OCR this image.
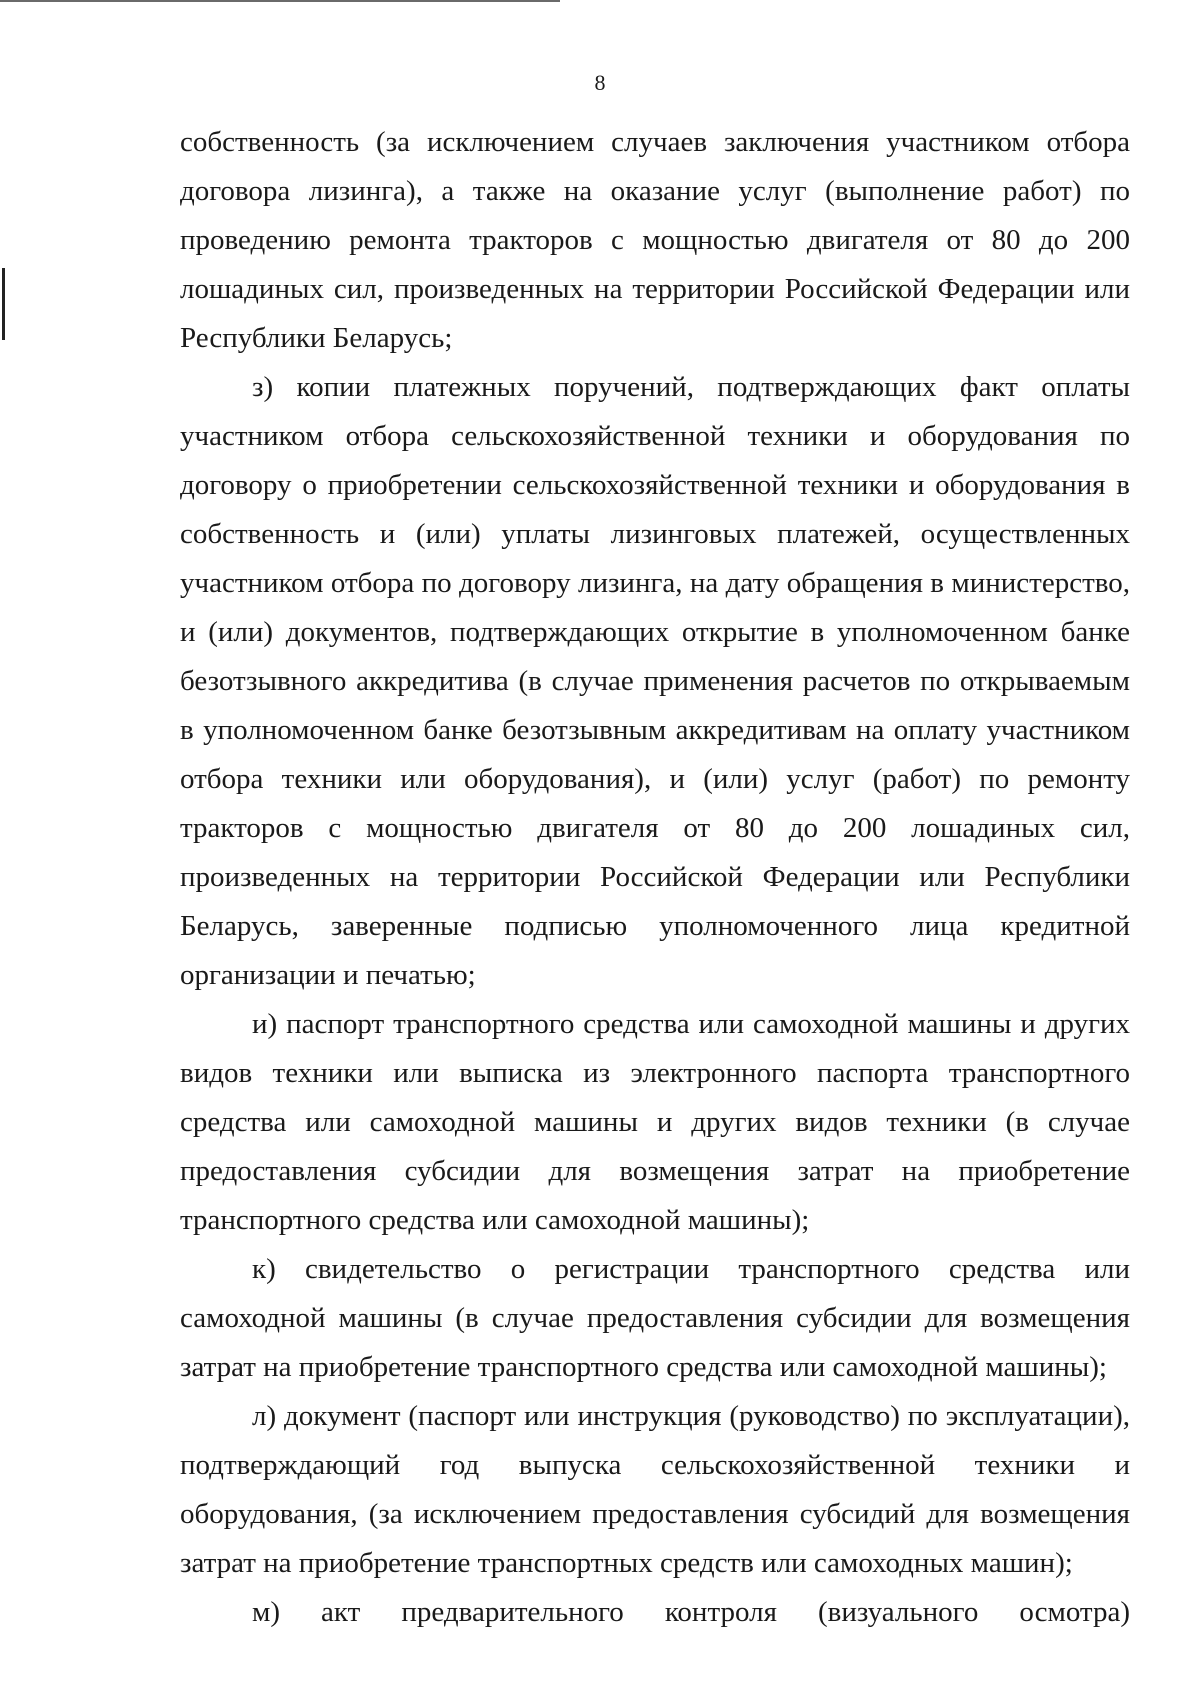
8

собственность (за исключением случаев заключения участником отбора договора лизинга), а также на оказание услуг (выполнение работ) по проведению ремонта тракторов с мощностью двигателя от 80 до 200 лошадиных сил, произведенных на территории Российской Федерации или Республики Беларусь;

з) копии платежных поручений, подтверждающих факт оплаты участником отбора сельскохозяйственной техники и оборудования по договору о приобретении сельскохозяйственной техники и оборудования в собственность и (или) уплаты лизинговых платежей, осуществленных участником отбора по договору лизинга, на дату обращения в министерство, и (или) документов, подтверждающих открытие в уполномоченном банке безотзывного аккредитива (в случае применения расчетов по открываемым в уполномоченном банке безотзывным аккредитивам на оплату участником отбора техники или оборудования), и (или) услуг (работ) по ремонту тракторов с мощностью двигателя от 80 до 200 лошадиных сил, произведенных на территории Российской Федерации или Республики Беларусь, заверенные подписью уполномоченного лица кредитной организации и печатью;

и) паспорт транспортного средства или самоходной машины и других видов техники или выписка из электронного паспорта транспортного средства или самоходной машины и других видов техники (в случае предоставления субсидии для возмещения затрат на приобретение транспортного средства или самоходной машины);

к) свидетельство о регистрации транспортного средства или самоходной машины (в случае предоставления субсидии для возмещения затрат на приобретение транспортного средства или самоходной машины);

л) документ (паспорт или инструкция (руководство) по эксплуатации), подтверждающий год выпуска сельскохозяйственной техники и оборудования, (за исключением предоставления субсидий для возмещения затрат на приобретение транспортных средств или самоходных машин);

м) акт предварительного контроля (визуального осмотра)
